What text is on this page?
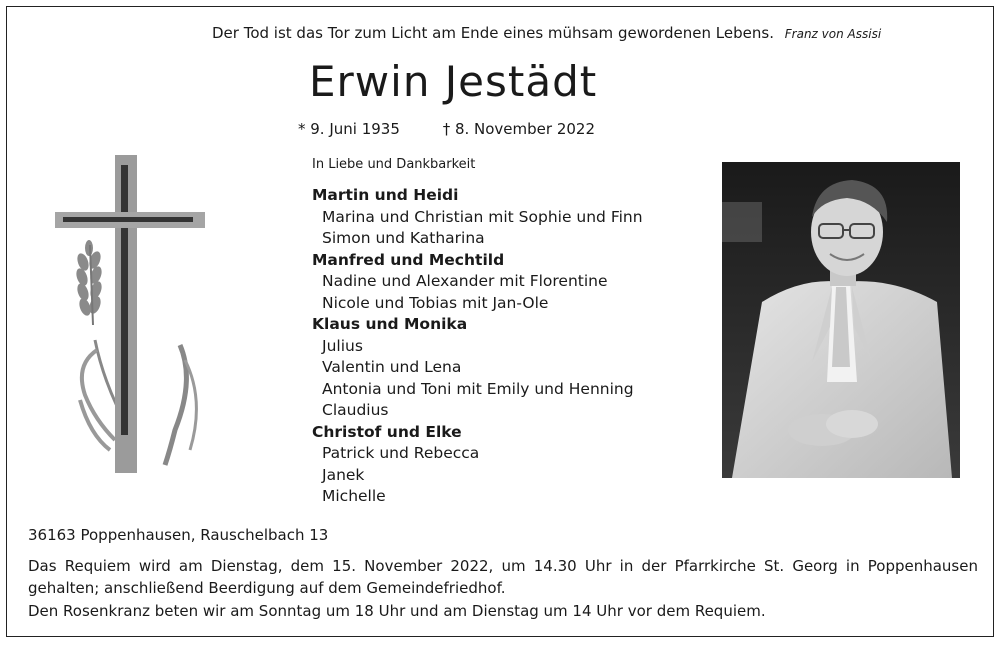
Der Tod ist das Tor zum Licht am Ende eines mühsam gewordenen Lebens. Franz von Assisi
Erwin Jestädt
* 9. Juni 1935	† 8. November 2022
In Liebe und Dankbarkeit
Martin und Heidi
Marina und Christian mit Sophie und Finn
Simon und Katharina
Manfred und Mechtild
Nadine und Alexander mit Florentine
Nicole und Tobias mit Jan-Ole
Klaus und Monika
Julius
Valentin und Lena
Antonia und Toni mit Emily und Henning
Claudius
Christof und Elke
Patrick und Rebecca
Janek
Michelle
36163 Poppenhausen, Rauschelbach 13
Das Requiem wird am Dienstag, dem 15. November 2022, um 14.30 Uhr in der Pfarrkirche St. Georg in Poppenhausen gehalten; anschließend Beerdigung auf dem Gemeindefriedhof.
Den Rosenkranz beten wir am Sonntag um 18 Uhr und am Dienstag um 14 Uhr vor dem Requiem.
